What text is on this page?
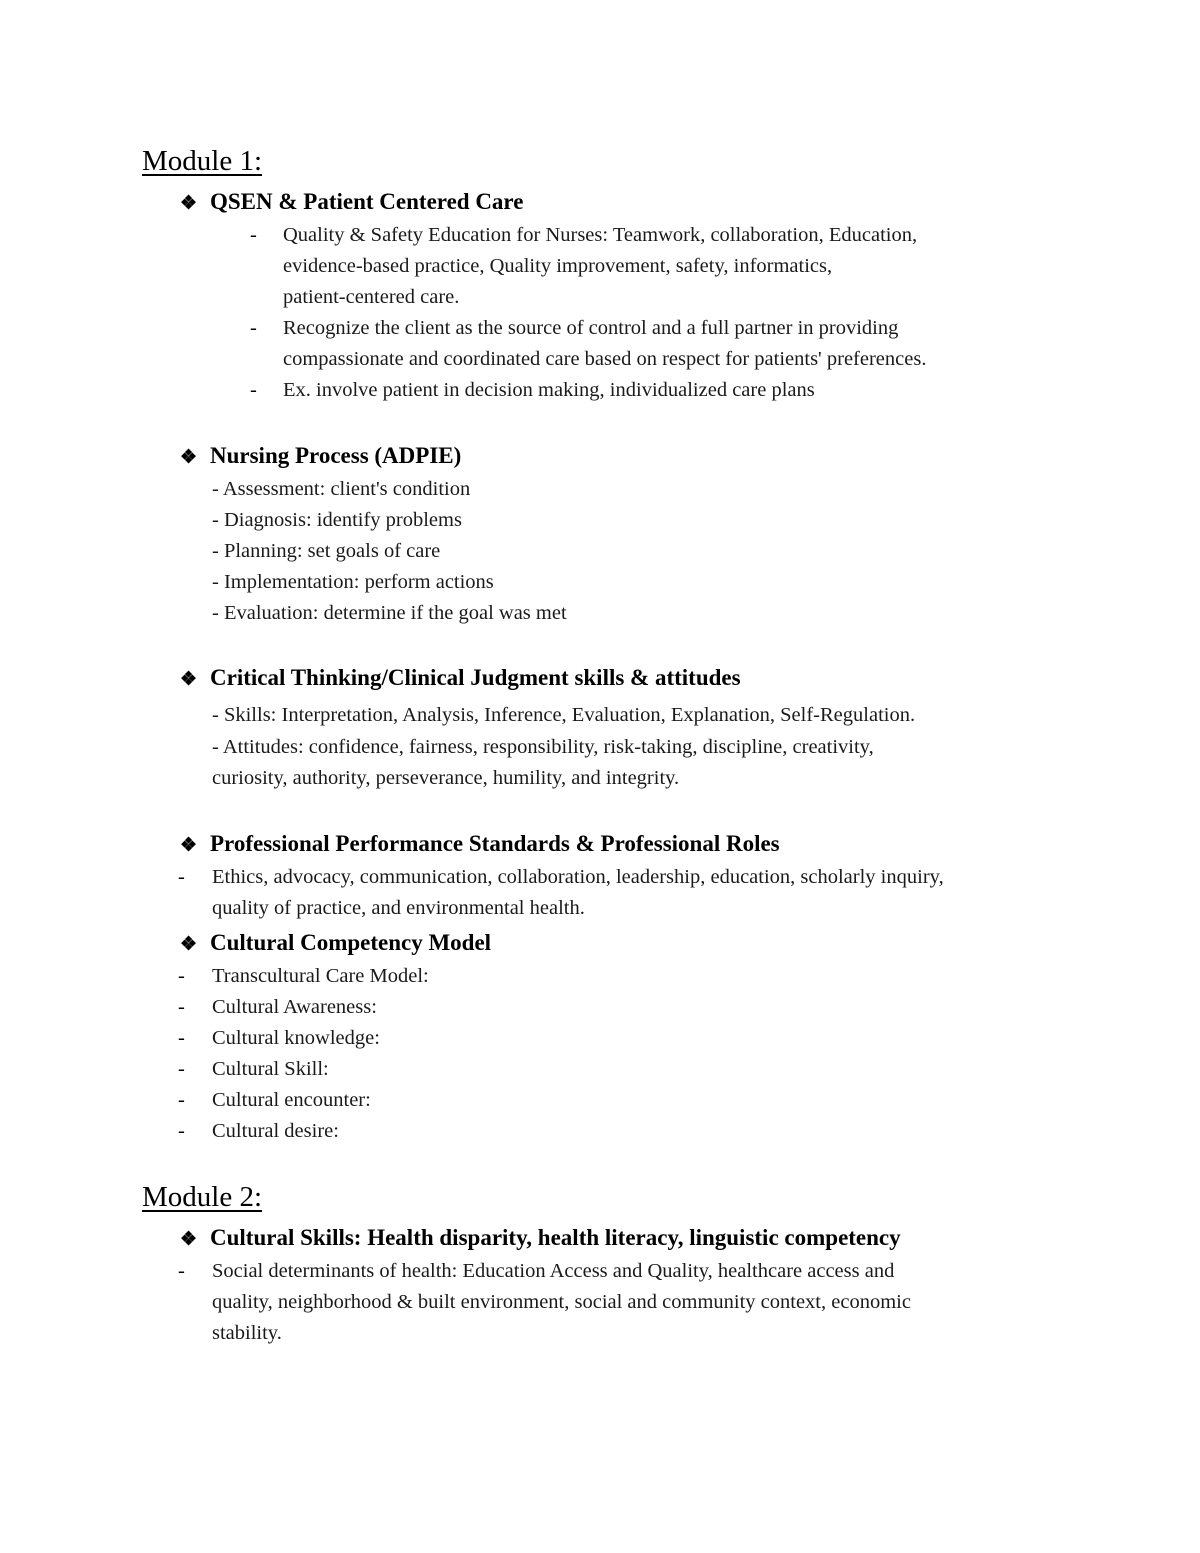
Module 1:
❖ QSEN & Patient Centered Care
- Quality & Safety Education for Nurses: Teamwork, collaboration, Education,
evidence-based practice, Quality improvement, safety, informatics,
patient-centered care.
- Recognize the client as the source of control and a full partner in providing
compassionate and coordinated care based on respect for patients' preferences.
- Ex. involve patient in decision making, individualized care plans
❖ Nursing Process (ADPIE)
- Assessment: client's condition
- Diagnosis: identify problems
- Planning: set goals of care
- Implementation: perform actions
- Evaluation: determine if the goal was met
❖ Critical Thinking/Clinical Judgment skills & attitudes
- Skills: Interpretation, Analysis, Inference, Evaluation, Explanation, Self-Regulation.
- Attitudes: confidence, fairness, responsibility, risk-taking, discipline, creativity,
curiosity, authority, perseverance, humility, and integrity.
❖ Professional Performance Standards & Professional Roles
- Ethics, advocacy, communication, collaboration, leadership, education, scholarly inquiry,
quality of practice, and environmental health.
❖ Cultural Competency Model
- Transcultural Care Model:
- Cultural Awareness:
- Cultural knowledge:
- Cultural Skill:
- Cultural encounter:
- Cultural desire:
Module 2:
❖ Cultural Skills: Health disparity, health literacy, linguistic competency
- Social determinants of health: Education Access and Quality, healthcare access and
quality, neighborhood & built environment, social and community context, economic
stability.
